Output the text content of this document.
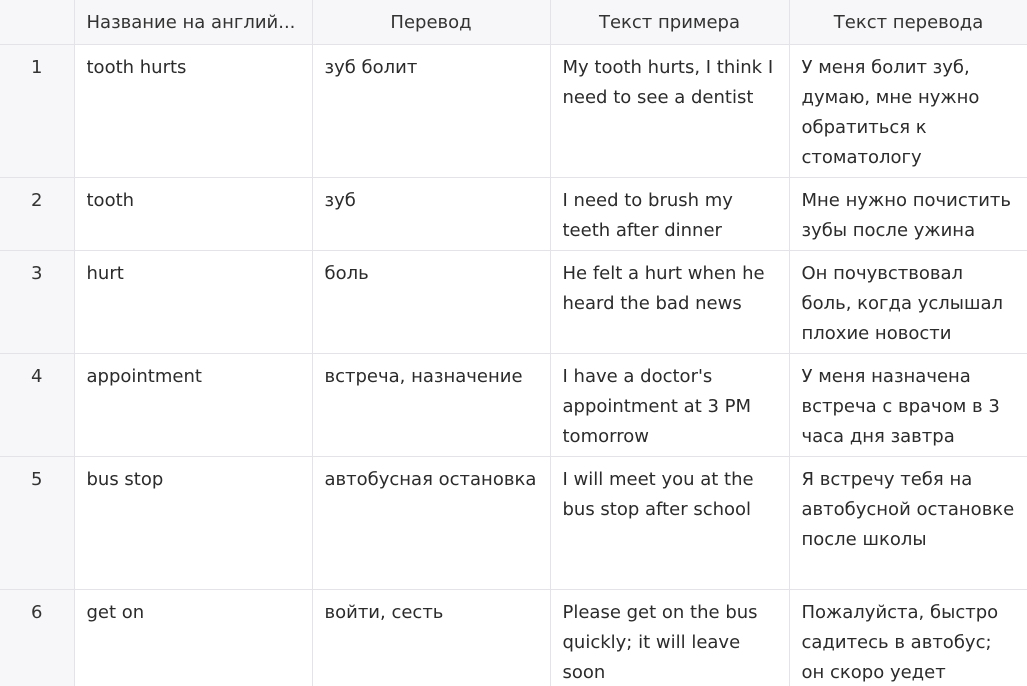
	Название на англий...	Перевод	Текст примера	Текст перевода
1	tooth hurts	зуб болит	My tooth hurts, I think I need to see a dentist	У меня болит зуб, думаю, мне нужно обратиться к стоматологу
2	tooth	зуб	I need to brush my teeth after dinner	Мне нужно почистить зубы после ужина
3	hurt	боль	He felt a hurt when he heard the bad news	Он почувствовал боль, когда услышал плохие новости
4	appointment	встреча, назначение	I have a doctor's appointment at 3 PM tomorrow	У меня назначена встреча с врачом в 3 часа дня завтра
5	bus stop	автобусная остановка	I will meet you at the bus stop after school	Я встречу тебя на автобусной остановке после школы
6	get on	войти, сесть	Please get on the bus quickly; it will leave soon	Пожалуйста, быстро садитесь в автобус; он скоро уедет
